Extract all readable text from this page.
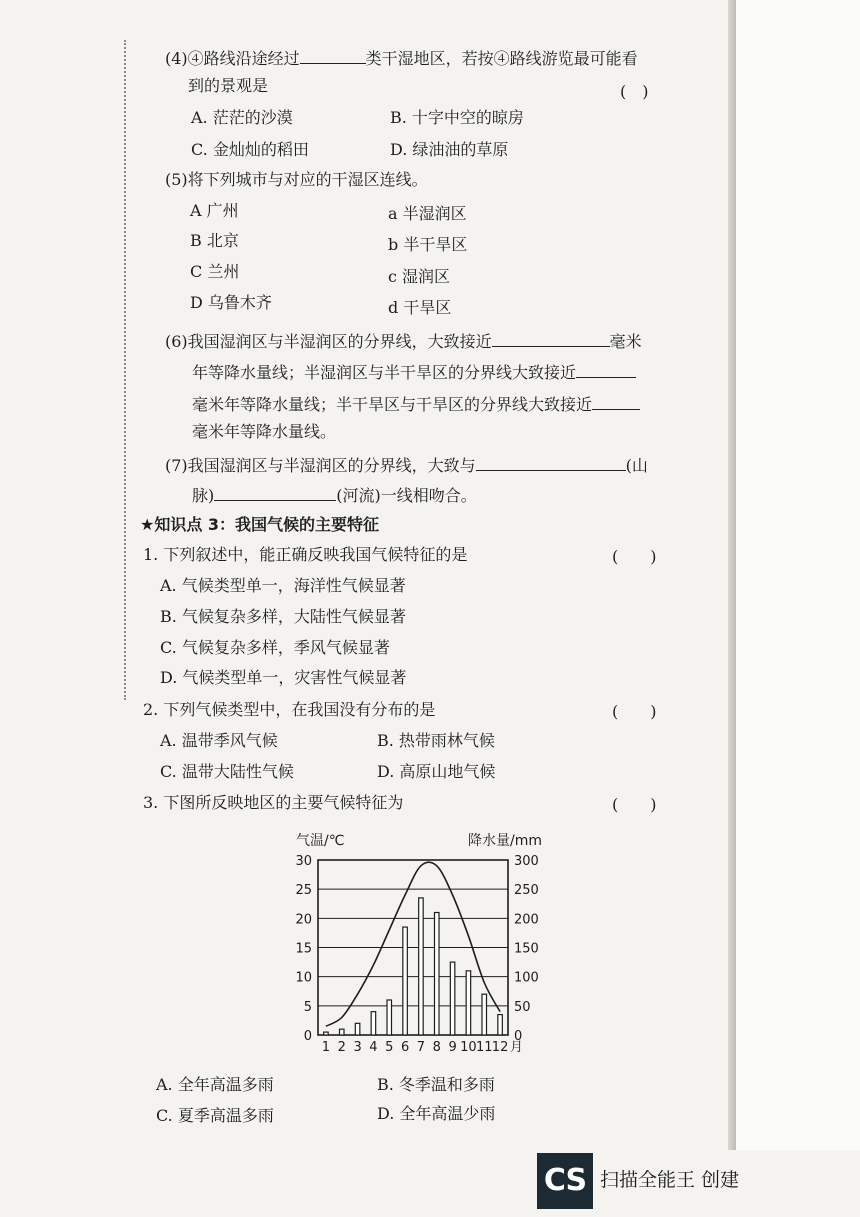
(4)④路线沿途经过	类干湿地区，若按④路线游览最可能看
到的景观是	(　)
A. 茫茫的沙漠	B. 十字中空的晾房
C. 金灿灿的稻田	D. 绿油油的草原
(5)将下列城市与对应的干湿区连线。
A 广州	a 半湿润区
B 北京	b 半干旱区
C 兰州	c 湿润区
D 乌鲁木齐	d 干旱区
(6)我国湿润区与半湿润区的分界线，大致接近	毫米
年等降水量线；半湿润区与半干旱区的分界线大致接近
毫米年等降水量线；半干旱区与干旱区的分界线大致接近
毫米年等降水量线。
(7)我国湿润区与半湿润区的分界线，大致与	(山
脉)	(河流)一线相吻合。
★知识点 3：我国气候的主要特征
1. 下列叙述中，能正确反映我国气候特征的是	(　　)
A. 气候类型单一，海洋性气候显著
B. 气候复杂多样，大陆性气候显著
C. 气候复杂多样，季风气候显著
D. 气候类型单一，灾害性气候显著
2. 下列气候类型中，在我国没有分布的是	(　　)
A. 温带季风气候	B. 热带雨林气候
C. 温带大陆性气候	D. 高原山地气候
3. 下图所反映地区的主要气候特征为	(　　)
气温/℃	降水量/mm
0
5
10
15
20
25
30
0
50
100
150
200
250
300
1 2 3 4 5 6 7 8 9 10 11 12 月
A. 全年高温多雨	B. 冬季温和多雨
C. 夏季高温多雨	D. 全年高温少雨
CS 扫描全能王 创建
